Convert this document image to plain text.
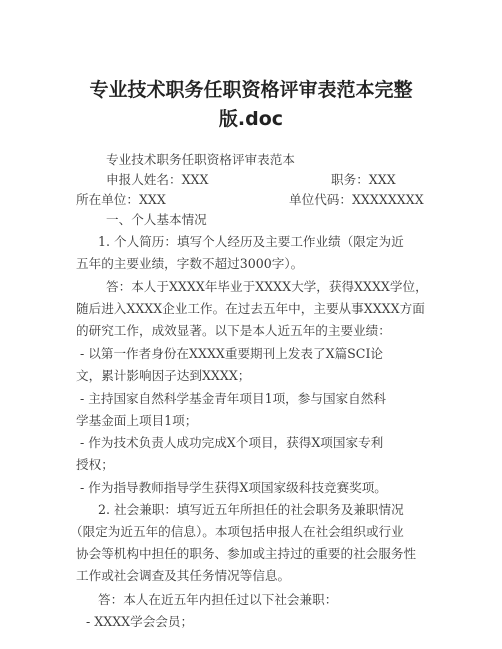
专业技术职务任职资格评审表范本完整
版.doc
专业技术职务任职资格评审表范本
申报人姓名：XXX	职务：XXX
所在单位：XXX	单位代码：XXXXXXXX
一、个人基本情况
1. 个人简历：填写个人经历及主要工作业绩（限定为近
五年的主要业绩，字数不超过3000字）。
答：本人于XXXX年毕业于XXXX大学，获得XXXX学位，
随后进入XXXX企业工作。在过去五年中，主要从事XXXX方面
的研究工作，成效显著。以下是本人近五年的主要业绩：
- 以第一作者身份在XXXX重要期刊上发表了X篇SCI论
文，累计影响因子达到XXXX；
- 主持国家自然科学基金青年项目1项，参与国家自然科
学基金面上项目1项；
- 作为技术负责人成功完成X个项目，获得X项国家专利
授权；
- 作为指导教师指导学生获得X项国家级科技竞赛奖项。
2. 社会兼职：填写近五年所担任的社会职务及兼职情况
（限定为近五年的信息）。本项包括申报人在社会组织或行业
协会等机构中担任的职务、参加或主持过的重要的社会服务性
工作或社会调查及其任务情况等信息。
答：本人在近五年内担任过以下社会兼职：
- XXXX学会会员；
